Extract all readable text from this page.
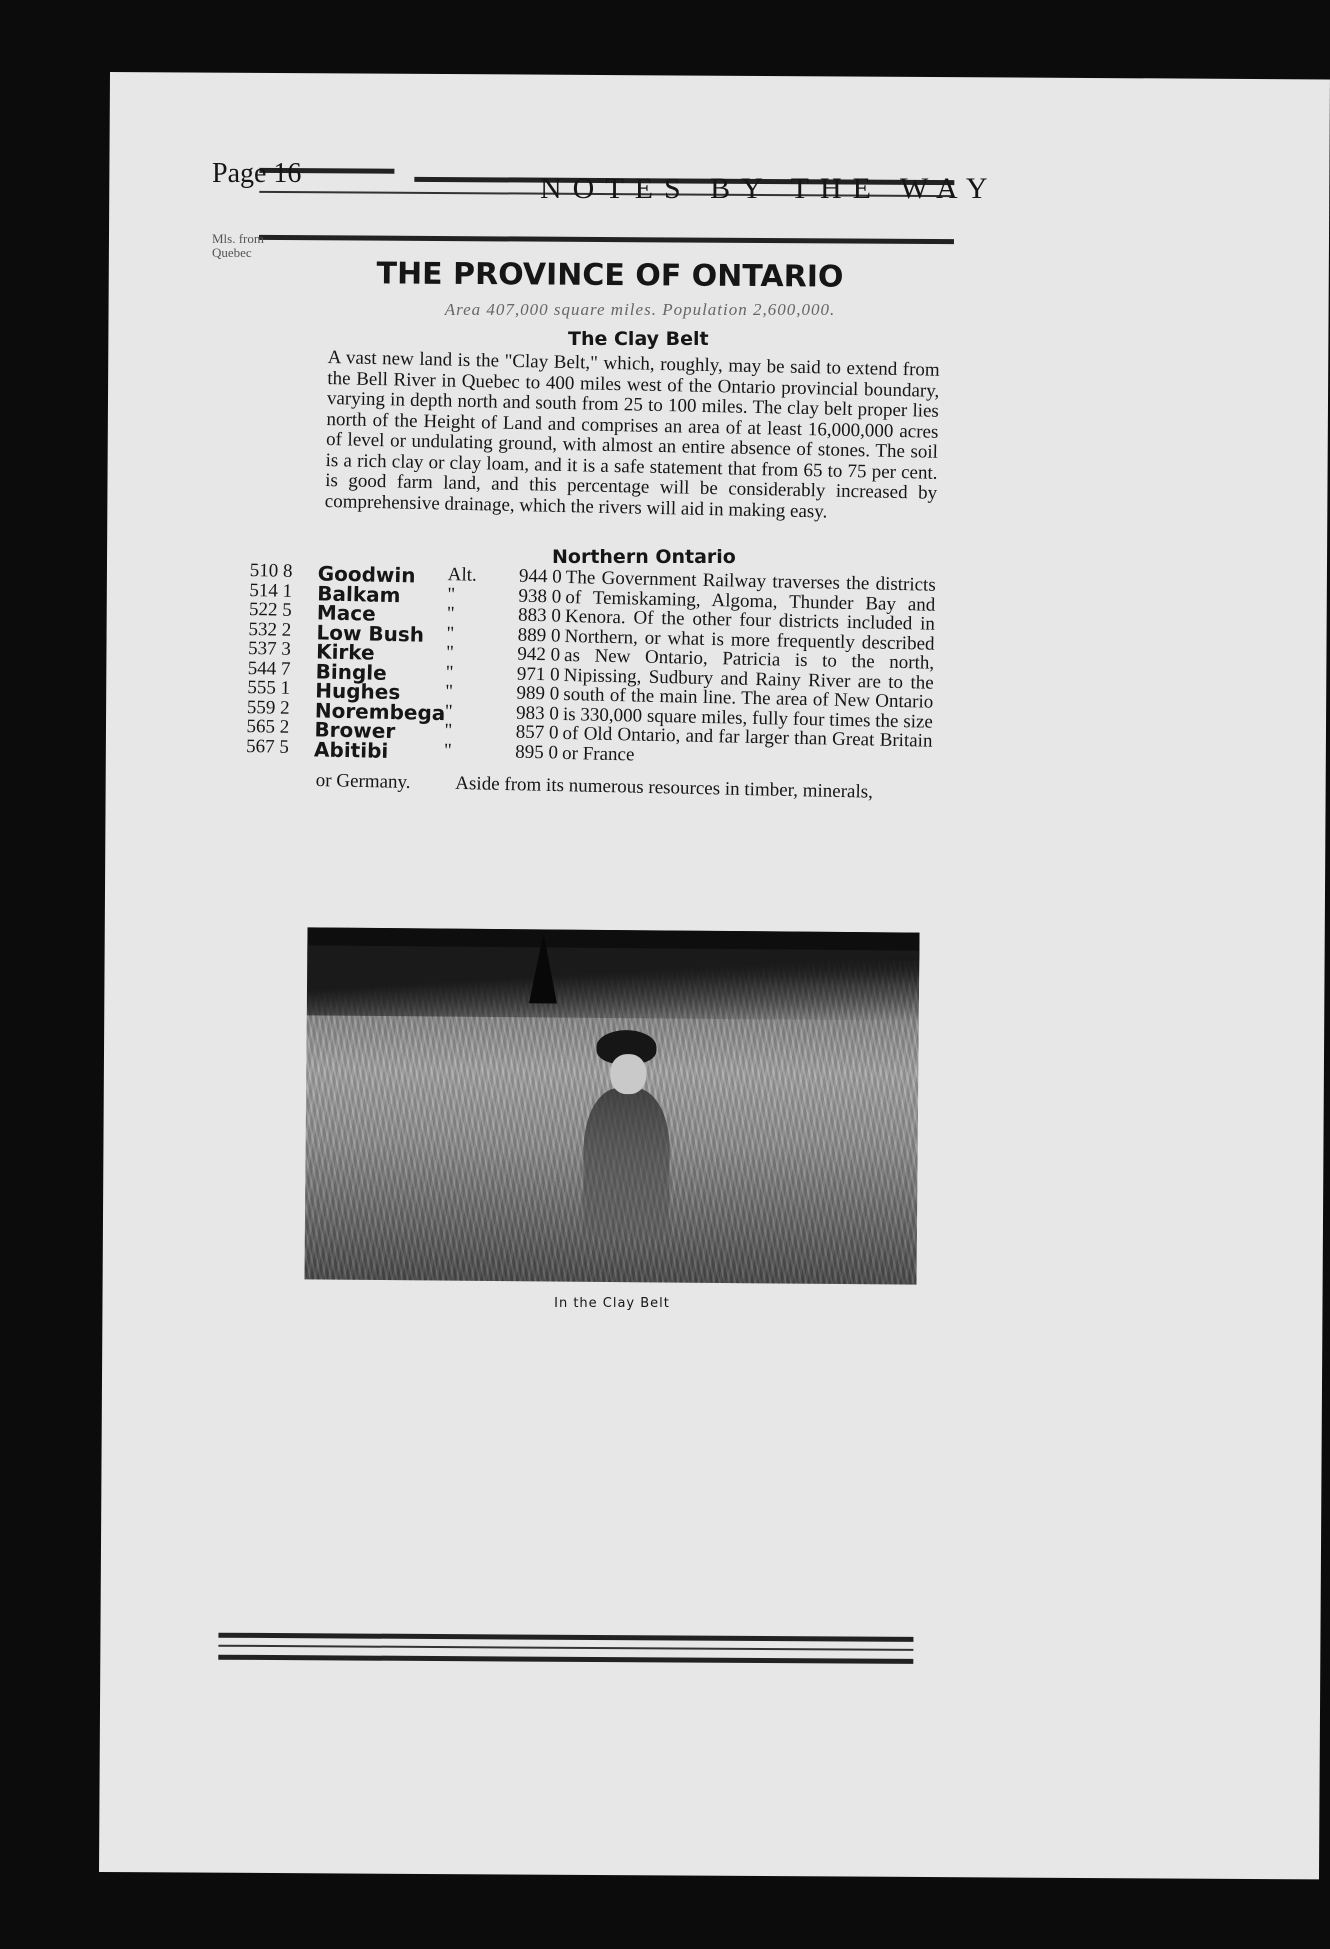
Page 16	NOTES BY THE WAY
Mls. from
Quebec
THE PROVINCE OF ONTARIO
Area 407,000 square miles. Population 2,600,000.
The Clay Belt
A vast new land is the "Clay Belt," which, roughly, may be said to extend from the Bell River in Quebec to 400 miles west of the Ontario provincial boundary, varying in depth north and south from 25 to 100 miles. The clay belt proper lies north of the Height of Land and comprises an area of at least 16,000,000 acres of level or undulating ground, with almost an entire absence of stones. The soil is a rich clay or clay loam, and it is a safe statement that from 65 to 75 per cent. is good farm land, and this percentage will be considerably increased by comprehensive drainage, which the rivers will aid in making easy.
Northern Ontario
510 8	Goodwin Alt.	944 0
514 1	Balkam "	938 0
522 5	Mace	"	883 0
532 2	Low Bush "	889 0
537 3	Kirke	"	942 0
544 7	Bingle	"	971 0
555 1	Hughes "	989 0
559 2	Norembega "	983 0
565 2	Brower	"	857 0
567 5	Abitibi	"	895 0
The Government Railway traverses the districts of Temiskaming, Algoma, Thunder Bay and Kenora. Of the other four districts included in Northern, or what is more frequently described as New Ontario, Patricia is to the north, Nipissing, Sudbury and Rainy River are to the south of the main line. The area of New Ontario is 330,000 square miles, fully four times the size of Old Ontario, and far larger than Great Britain or France
or Germany. Aside from its numerous resources in timber, minerals,
In the Clay Belt
